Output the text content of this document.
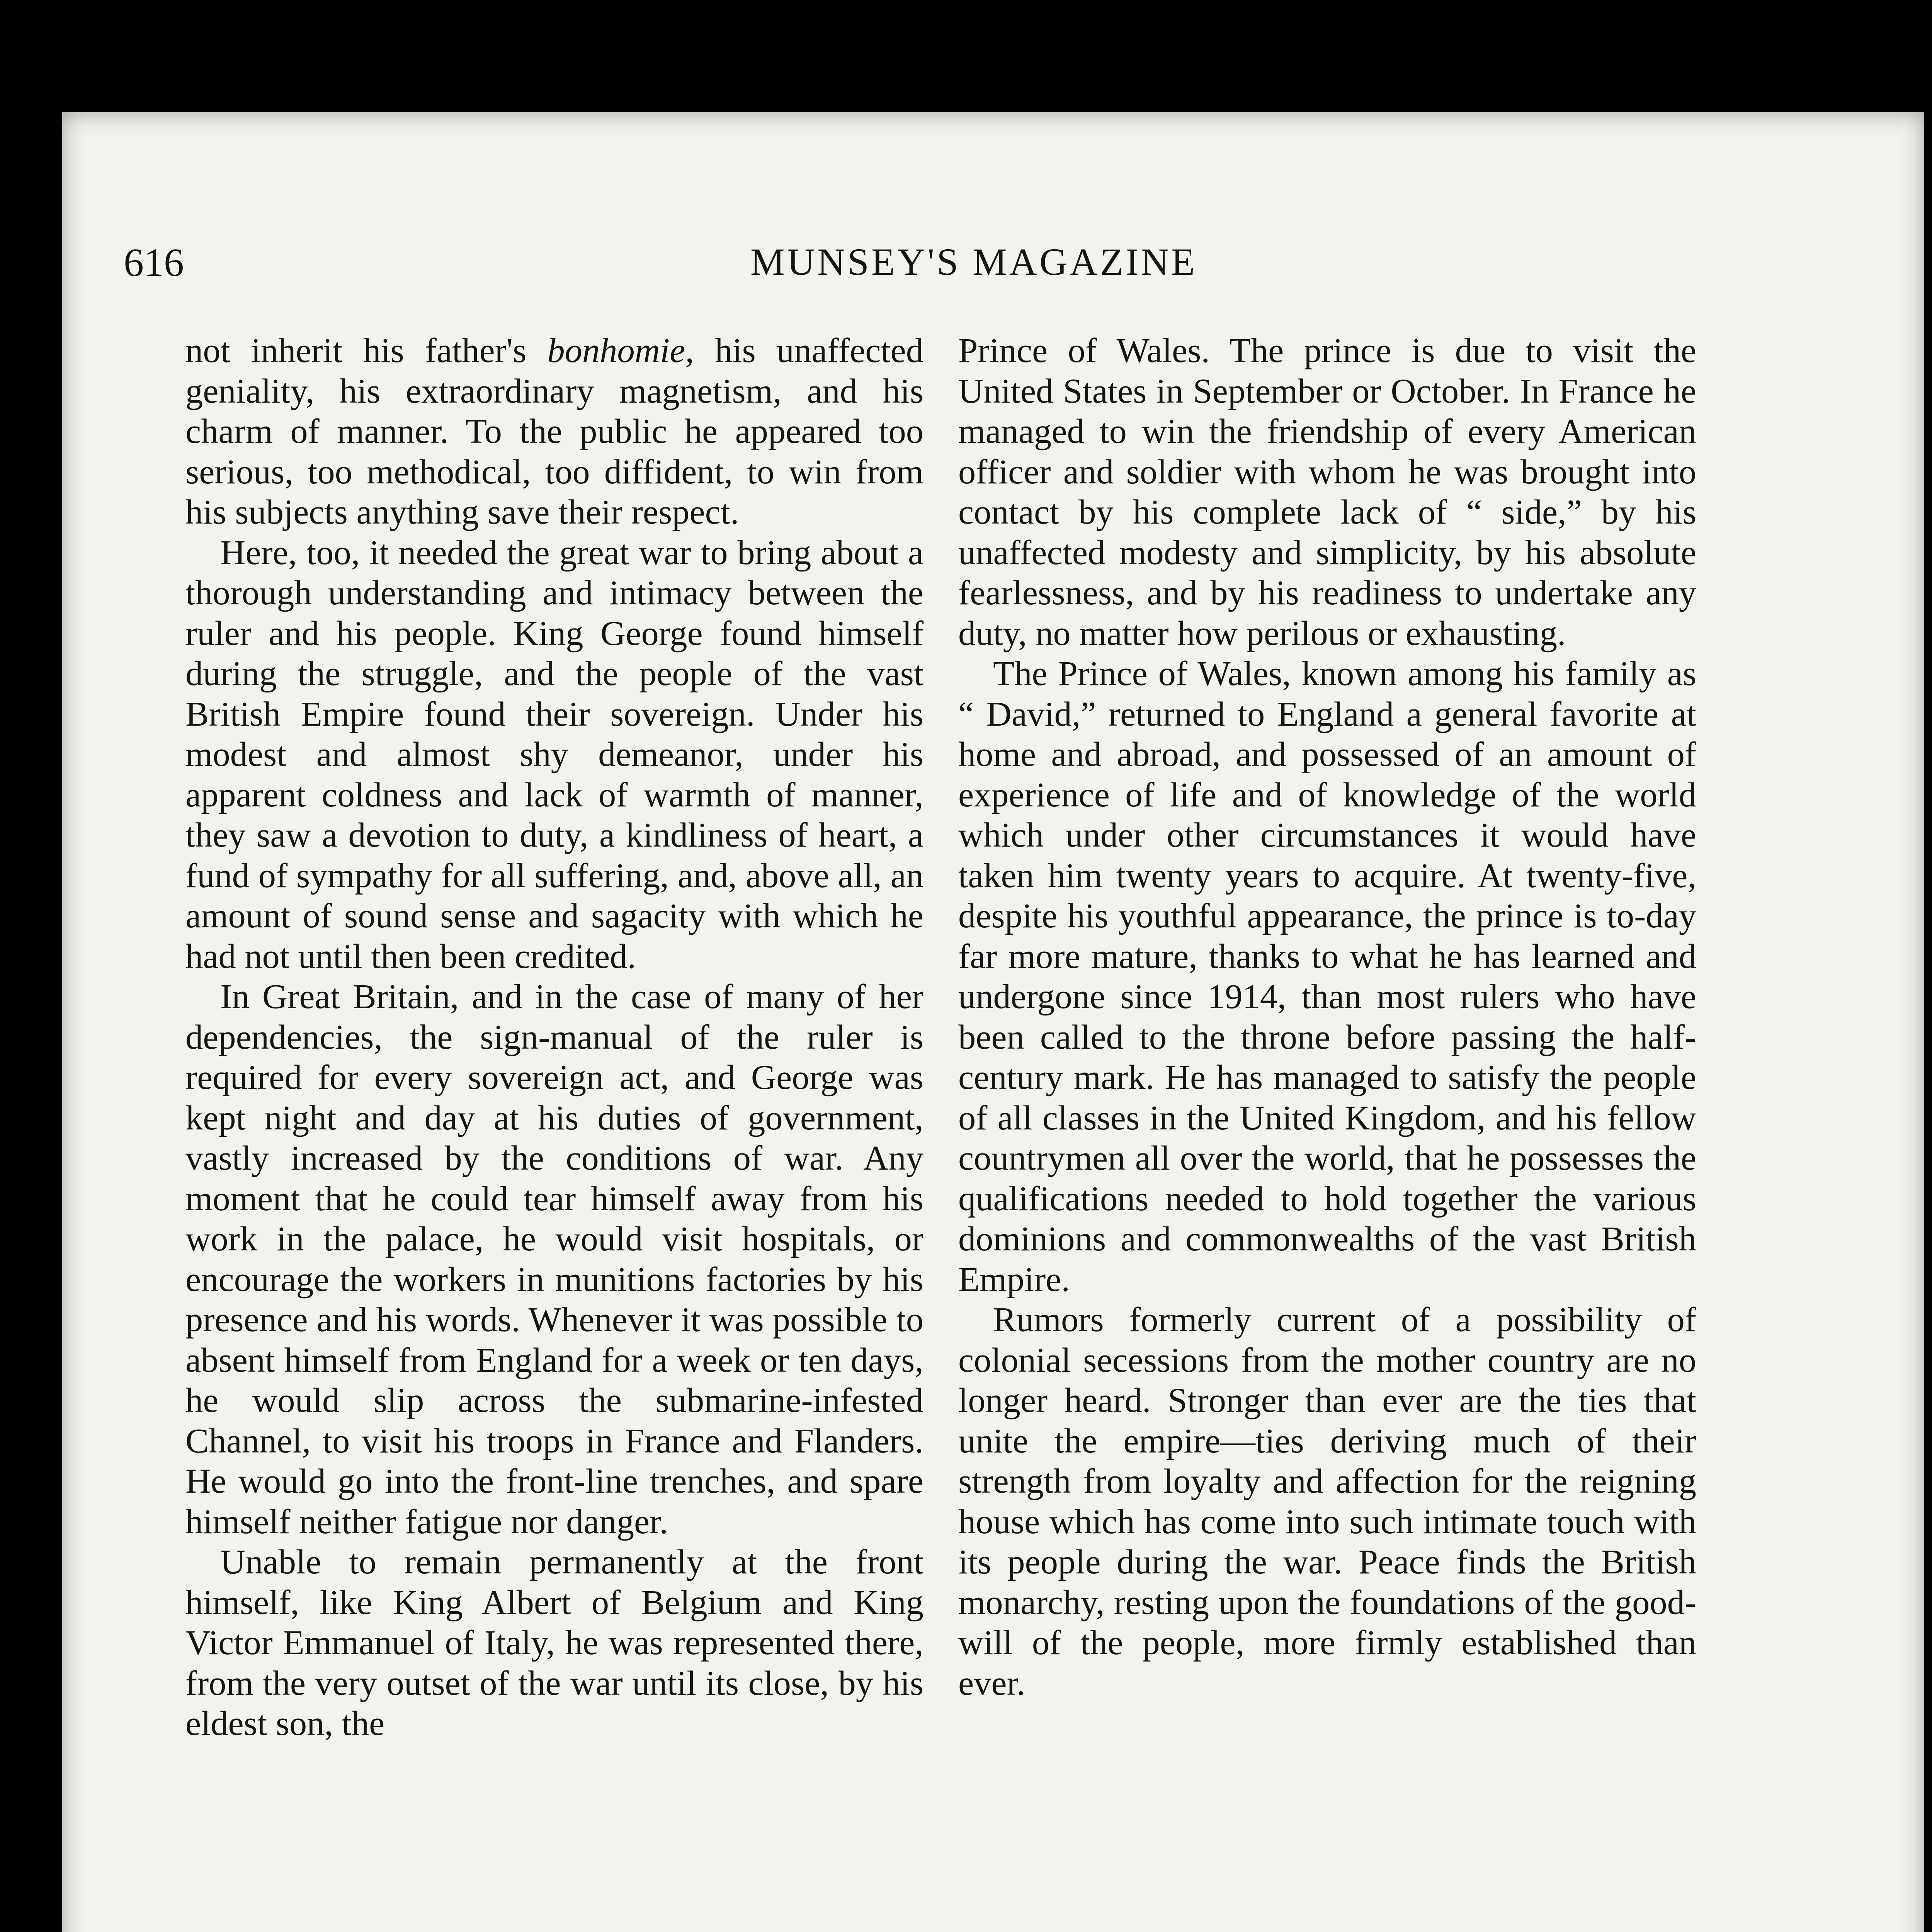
616	MUNSEY'S MAGAZINE

not inherit his father's bonhomie, his unaffected geniality, his extraordinary magnetism, and his charm of manner. To the public he appeared too serious, too methodical, too diffident, to win from his subjects anything save their respect.

Here, too, it needed the great war to bring about a thorough understanding and intimacy between the ruler and his people. King George found himself during the struggle, and the people of the vast British Empire found their sovereign. Under his modest and almost shy demeanor, under his apparent coldness and lack of warmth of manner, they saw a devotion to duty, a kindliness of heart, a fund of sympathy for all suffering, and, above all, an amount of sound sense and sagacity with which he had not until then been credited.

In Great Britain, and in the case of many of her dependencies, the sign-manual of the ruler is required for every sovereign act, and George was kept night and day at his duties of government, vastly increased by the conditions of war. Any moment that he could tear himself away from his work in the palace, he would visit hospitals, or encourage the workers in munitions factories by his presence and his words. Whenever it was possible to absent himself from England for a week or ten days, he would slip across the submarine-infested Channel, to visit his troops in France and Flanders. He would go into the front-line trenches, and spare himself neither fatigue nor danger.

Unable to remain permanently at the front himself, like King Albert of Belgium and King Victor Emmanuel of Italy, he was represented there, from the very outset of the war until its close, by his eldest son, the

Prince of Wales. The prince is due to visit the United States in September or October. In France he managed to win the friendship of every American officer and soldier with whom he was brought into contact by his complete lack of “ side,” by his unaffected modesty and simplicity, by his absolute fearlessness, and by his readiness to undertake any duty, no matter how perilous or exhausting.

The Prince of Wales, known among his family as “ David,” returned to England a general favorite at home and abroad, and possessed of an amount of experience of life and of knowledge of the world which under other circumstances it would have taken him twenty years to acquire. At twenty-five, despite his youthful appearance, the prince is to-day far more mature, thanks to what he has learned and undergone since 1914, than most rulers who have been called to the throne before passing the half-century mark. He has managed to satisfy the people of all classes in the United Kingdom, and his fellow countrymen all over the world, that he possesses the qualifications needed to hold together the various dominions and commonwealths of the vast British Empire.

Rumors formerly current of a possibility of colonial secessions from the mother country are no longer heard. Stronger than ever are the ties that unite the empire—ties deriving much of their strength from loyalty and affection for the reigning house which has come into such intimate touch with its people during the war. Peace finds the British monarchy, resting upon the foundations of the good-will of the people, more firmly established than ever.
